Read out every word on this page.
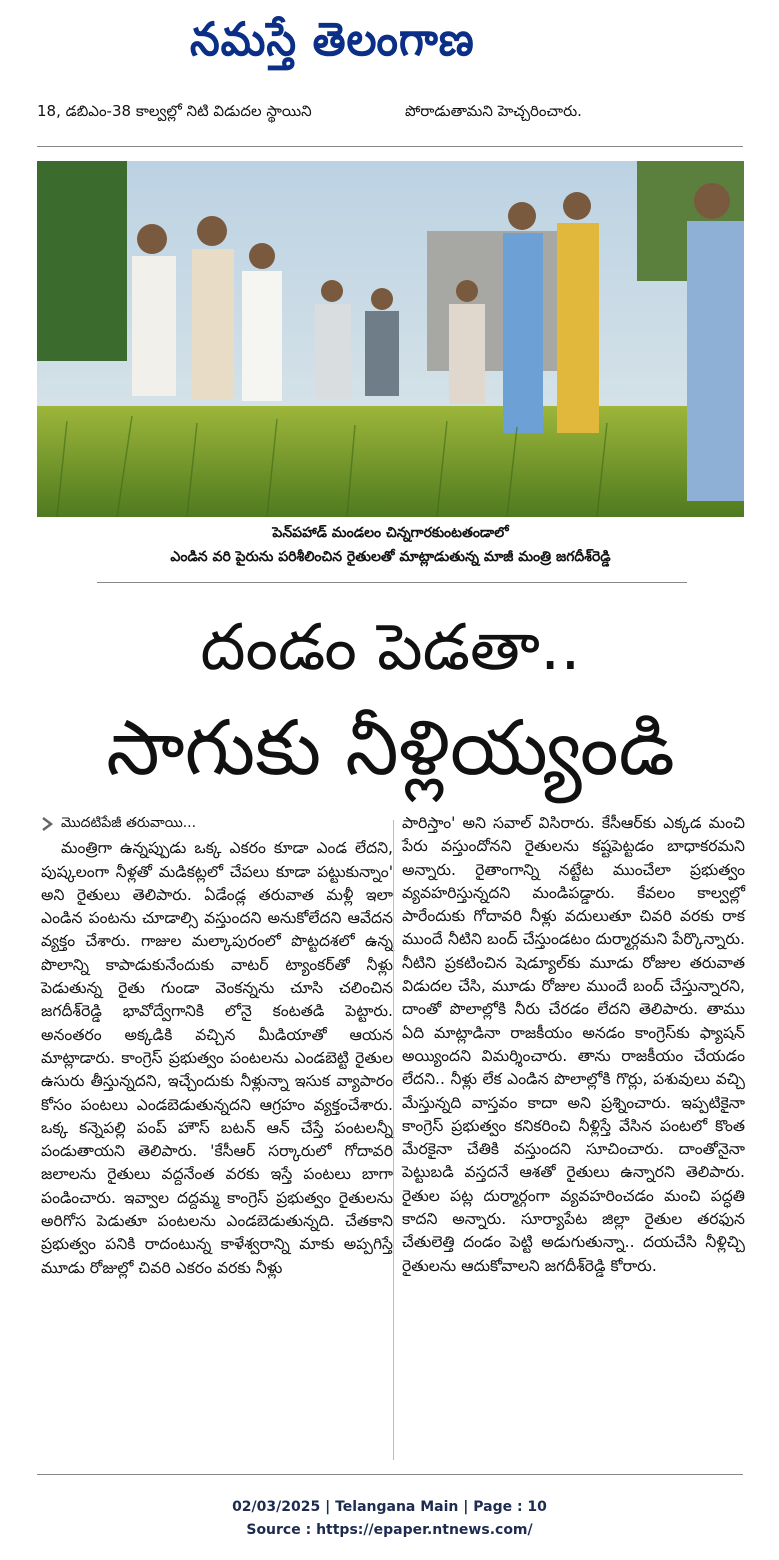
నమస్తే తెలంగాణ
18, డబిఎం-38 కాల్వల్లో నిటి విడుదల స్థాయిని	పోరాడుతామని హెచ్చరించారు.
పెన్‌పహాడ్ మండలం చిన్నగారకుంటతండాలో
ఎండిన వరి పైరును పరిశీలించిన రైతులతో మాట్లాడుతున్న మాజీ మంత్రి జగదీశ్‌రెడ్డి
దండం పెడతా..
సాగుకు నీళ్లియ్యండి
మొదటిపేజీ తరువాయి...

మంత్రిగా ఉన్నప్పుడు ఒక్క ఎకరం కూడా ఎండ లేదని, పుష్కలంగా నీళ్లతో మడికట్లలో చేపలు కూడా పట్టుకున్నాం' అని రైతులు తెలిపారు. ఏడేండ్ల తరువాత మళ్లీ ఇలా ఎండిన పంటను చూడాల్సి వస్తుందని అనుకోలేదని ఆవేదన వ్యక్తం చేశారు. గాజుల మల్కాపురంలో పొట్టదశలో ఉన్న పొలాన్ని కాపాడుకునేందుకు వాటర్ ట్యాంకర్‌తో నీళ్లు పెడుతున్న రైతు గుండా వెంకన్నను చూసి చలించిన జగదీశ్‌రెడ్డి భావోద్వేగానికి లోనై కంటతడి పెట్టారు. అనంతరం అక్కడికి వచ్చిన మీడియాతో ఆయన మాట్లాడారు. కాంగ్రెస్ ప్రభుత్వం పంటలను ఎండబెట్టి రైతుల ఉసురు తీస్తున్నదని, ఇచ్చేందుకు నీళ్లున్నా ఇసుక వ్యాపారం కోసం పంటలు ఎండబెడుతున్నదని ఆగ్రహం వ్యక్తంచేశారు. ఒక్క కన్నెపల్లి పంప్ హౌస్ బటన్ ఆన్ చేస్తే పంటలన్నీ పండుతాయని తెలిపారు. 'కేసీఆర్ సర్కారులో గోదావరి జలాలను రైతులు వద్దనేంత వరకు ఇస్తే పంటలు బాగా పండించారు. ఇవ్వాల దద్దమ్మ కాంగ్రెస్ ప్రభుత్వం రైతులను అరిగోస పెడుతూ పంటలను ఎండబెడుతున్నది. చేతకాని ప్రభుత్వం పనికి రాదంటున్న కాళేశ్వరాన్ని మాకు అప్పగిస్తే మూడు రోజుల్లో చివరి ఎకరం వరకు నీళ్లు

పారిస్తాం' అని సవాల్ విసిరారు. కేసీఆర్‌కు ఎక్కడ మంచి పేరు వస్తుందోనని రైతులను కష్టపెట్టడం బాధాకరమని అన్నారు. రైతాంగాన్ని నట్టేట ముంచేలా ప్రభుత్వం వ్యవహరిస్తున్నదని మండిపడ్డారు. కేవలం కాల్వల్లో పారేందుకు గోదావరి నీళ్లు వదులుతూ చివరి వరకు రాక ముందే నీటిని బంద్ చేస్తుండటం దుర్మార్గమని పేర్కొన్నారు. నీటిని ప్రకటించిన షెడ్యూల్‌కు మూడు రోజుల తరువాత విడుదల చేసి, మూడు రోజుల ముందే బంద్ చేస్తున్నారని, దాంతో పొలాల్లోకి నీరు చేరడం లేదని తెలిపారు. తాము ఏది మాట్లాడినా రాజకీయం అనడం కాంగ్రెస్‌కు ఫ్యాషన్ అయ్యిందని విమర్శించారు. తాను రాజకీయం చేయడం లేదని.. నీళ్లు లేక ఎండిన పొలాల్లోకి గొర్లు, పశువులు వచ్చి మేస్తున్నది వాస్తవం కాదా అని ప్రశ్నించారు. ఇప్పటికైనా కాంగ్రెస్ ప్రభుత్వం కనికరించి నీళ్లిస్తే వేసిన పంటలో కొంత మేరకైనా చేతికి వస్తుందని సూచించారు. దాంతోనైనా పెట్టుబడి వస్తదనే ఆశతో రైతులు ఉన్నారని తెలిపారు. రైతుల పట్ల దుర్మార్గంగా వ్యవహరించడం మంచి పద్ధతి కాదని అన్నారు. సూర్యాపేట జిల్లా రైతుల తరఫున చేతులెత్తి దండం పెట్టి అడుగుతున్నా.. దయచేసి నీళ్లిచ్చి రైతులను ఆదుకోవాలని జగదీశ్‌రెడ్డి కోరారు.

02/03/2025 | Telangana Main | Page : 10
Source : https://epaper.ntnews.com/
